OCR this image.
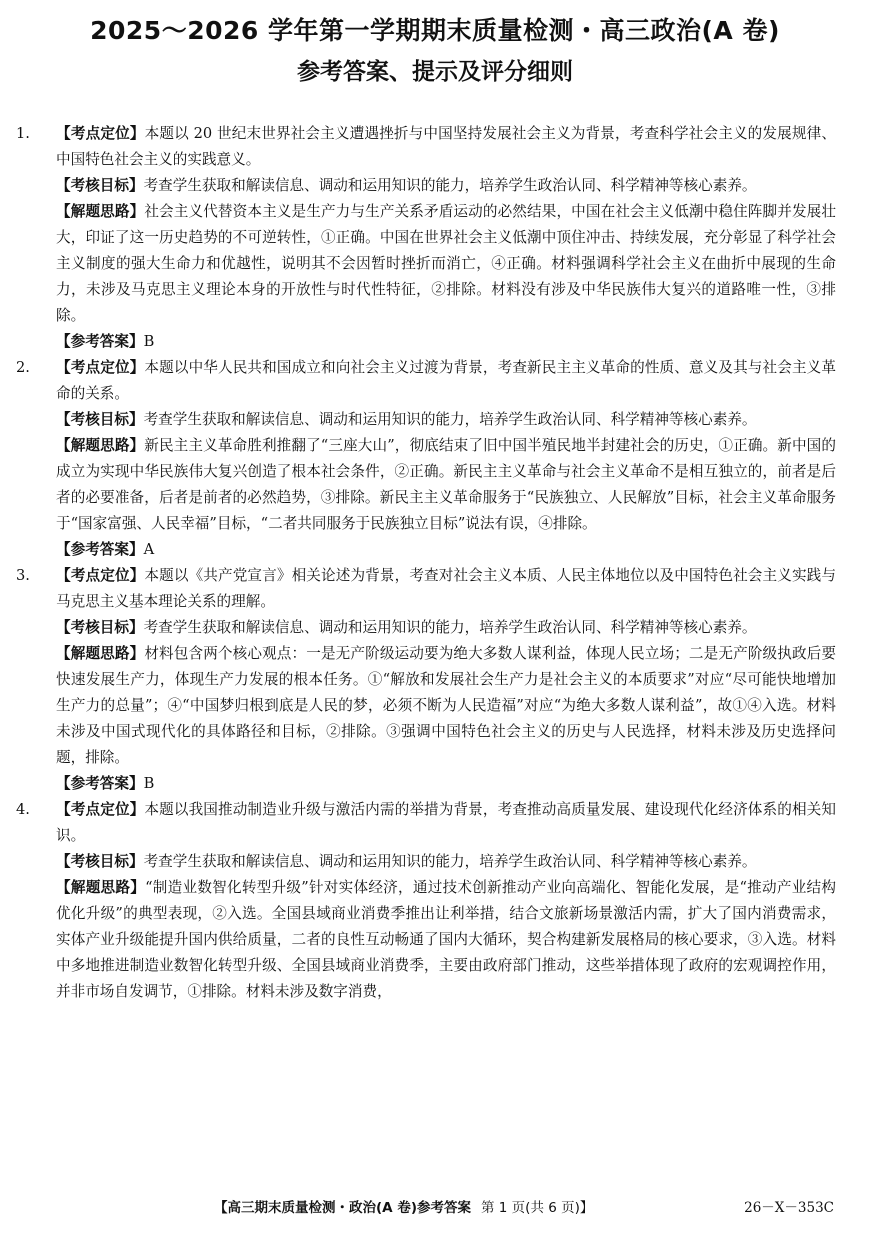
2025～2026 学年第一学期期末质量检测・高三政治(A 卷)
参考答案、提示及评分细则

1. 【考点定位】本题以 20 世纪末世界社会主义遭遇挫折与中国坚持发展社会主义为背景，考查科学社会主义的发展规律、中国特色社会主义的实践意义。

【考核目标】考查学生获取和解读信息、调动和运用知识的能力，培养学生政治认同、科学精神等核心素养。

【解题思路】社会主义代替资本主义是生产力与生产关系矛盾运动的必然结果，中国在社会主义低潮中稳住阵脚并发展壮大，印证了这一历史趋势的不可逆转性，①正确。中国在世界社会主义低潮中顶住冲击、持续发展，充分彰显了科学社会主义制度的强大生命力和优越性，说明其不会因暂时挫折而消亡，④正确。材料强调科学社会主义在曲折中展现的生命力，未涉及马克思主义理论本身的开放性与时代性特征，②排除。材料没有涉及中华民族伟大复兴的道路唯一性，③排除。

【参考答案】B

2. 【考点定位】本题以中华人民共和国成立和向社会主义过渡为背景，考查新民主主义革命的性质、意义及其与社会主义革命的关系。

【考核目标】考查学生获取和解读信息、调动和运用知识的能力，培养学生政治认同、科学精神等核心素养。

【解题思路】新民主主义革命胜利推翻了“三座大山”，彻底结束了旧中国半殖民地半封建社会的历史，①正确。新中国的成立为实现中华民族伟大复兴创造了根本社会条件，②正确。新民主主义革命与社会主义革命不是相互独立的，前者是后者的必要准备，后者是前者的必然趋势，③排除。新民主主义革命服务于“民族独立、人民解放”目标，社会主义革命服务于“国家富强、人民幸福”目标，“二者共同服务于民族独立目标”说法有误，④排除。

【参考答案】A

3. 【考点定位】本题以《共产党宣言》相关论述为背景，考查对社会主义本质、人民主体地位以及中国特色社会主义实践与马克思主义基本理论关系的理解。

【考核目标】考查学生获取和解读信息、调动和运用知识的能力，培养学生政治认同、科学精神等核心素养。

【解题思路】材料包含两个核心观点：一是无产阶级运动要为绝大多数人谋利益，体现人民立场；二是无产阶级执政后要快速发展生产力，体现生产力发展的根本任务。①“解放和发展社会生产力是社会主义的本质要求”对应“尽可能快地增加生产力的总量”；④“中国梦归根到底是人民的梦，必须不断为人民造福”对应“为绝大多数人谋利益”，故①④入选。材料未涉及中国式现代化的具体路径和目标，②排除。③强调中国特色社会主义的历史与人民选择，材料未涉及历史选择问题，排除。

【参考答案】B

4. 【考点定位】本题以我国推动制造业升级与激活内需的举措为背景，考查推动高质量发展、建设现代化经济体系的相关知识。

【考核目标】考查学生获取和解读信息、调动和运用知识的能力，培养学生政治认同、科学精神等核心素养。

【解题思路】“制造业数智化转型升级”针对实体经济，通过技术创新推动产业向高端化、智能化发展，是“推动产业结构优化升级”的典型表现，②入选。全国县域商业消费季推出让利举措，结合文旅新场景激活内需，扩大了国内消费需求，实体产业升级能提升国内供给质量，二者的良性互动畅通了国内大循环，契合构建新发展格局的核心要求，③入选。材料中多地推进制造业数智化转型升级、全国县域商业消费季，主要由政府部门推动，这些举措体现了政府的宏观调控作用，并非市场自发调节，①排除。材料未涉及数字消费，

【高三期末质量检测・政治(A 卷)参考答案 第 1 页(共 6 页)】	26－X－353C
